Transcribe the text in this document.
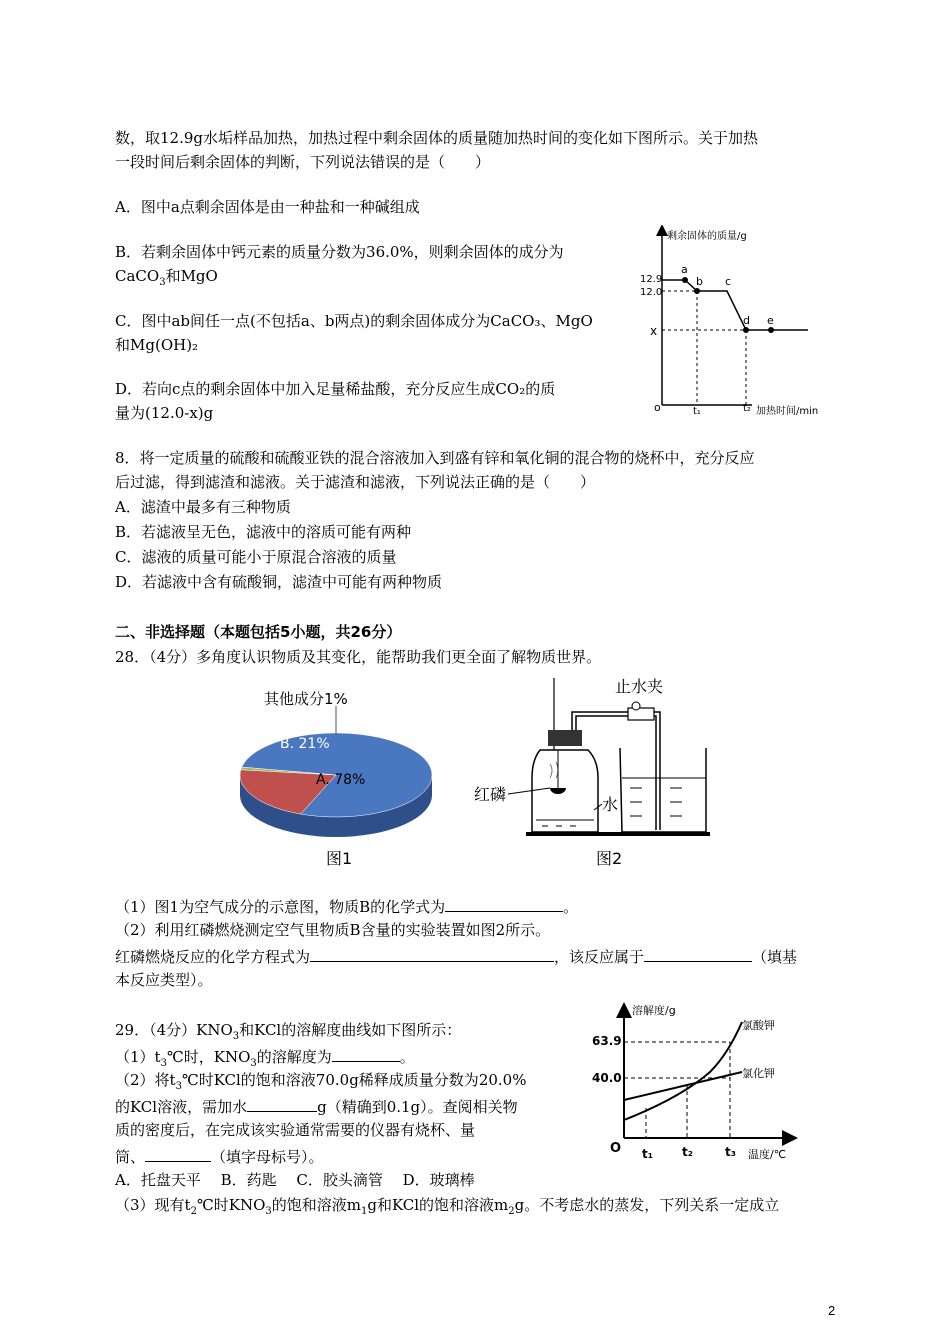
数，取12.9g水垢样品加热，加热过程中剩余固体的质量随加热时间的变化如下图所示。关于加热

一段时间后剩余固体的判断，下列说法错误的是（　　）

A．图中a点剩余固体是由一种盐和一种碱组成

B．若剩余固体中钙元素的质量分数为36.0%，则剩余固体的成分为

CaCO$_3$和MgO

C．图中ab间任一点(不包括a、b两点)的剩余固体成分为CaCO₃、MgO

和Mg(OH)₂

D．若向c点的剩余固体中加入足量稀盐酸，充分反应生成CO₂的质

量为(12.0-x)g

剩余固体的质量/g
加热时间/min
o
12.9
12.0
x
t₁	t₂
a
b c
d e

8．将一定质量的硫酸和硫酸亚铁的混合溶液加入到盛有锌和氧化铜的混合物的烧杯中，充分反应

后过滤，得到滤渣和滤液。关于滤渣和滤液，下列说法正确的是（　　）

A．滤渣中最多有三种物质

B．若滤液呈无色，滤液中的溶质可能有两种

C．滤液的质量可能小于原混合溶液的质量

D．若滤液中含有硫酸铜，滤渣中可能有两种物质

二、非选择题（本题包括5小题，共26分）

28．（4分）多角度认识物质及其变化，能帮助我们更全面了解物质世界。

其他成分1%
B. 21%
A. 78%
图1
止水夹
红磷
水
图2

（1）图1为空气成分的示意图，物质B的化学式为	。

（2）利用红磷燃烧测定空气里物质B含量的实验装置如图2所示。

红磷燃烧反应的化学方程式为	，该反应属于	（填基

本反应类型）。

29．（4分）$KNO_3$和KCl的溶解度曲线如下图所示：

$(1)t_3℃$时，$KNO_3$的溶解度为	。

（2）将$t_3℃$时KCl的饱和溶液70.0g稀释成质量分数为20.0%

的KCl溶液，需加水	g（精确到0.1g）。查阅相关物

质的密度后，在完成该实验通常需要的仪器有烧杯、量

筒、	（填字母标号）。

A．托盘天平　 B．药匙　 C．胶头滴管　 D．玻璃棒

（3）现有$t_2℃$时$KNO_3$的饱和溶液$m_1g$和KCl的饱和溶液$m_2g$。不考虑水的蒸发，下列关系一定成立

溶解度/g
温度/℃
O
63.9
40.0
t₁ t₂	t₃
氯酸钾
氯化钾
2
